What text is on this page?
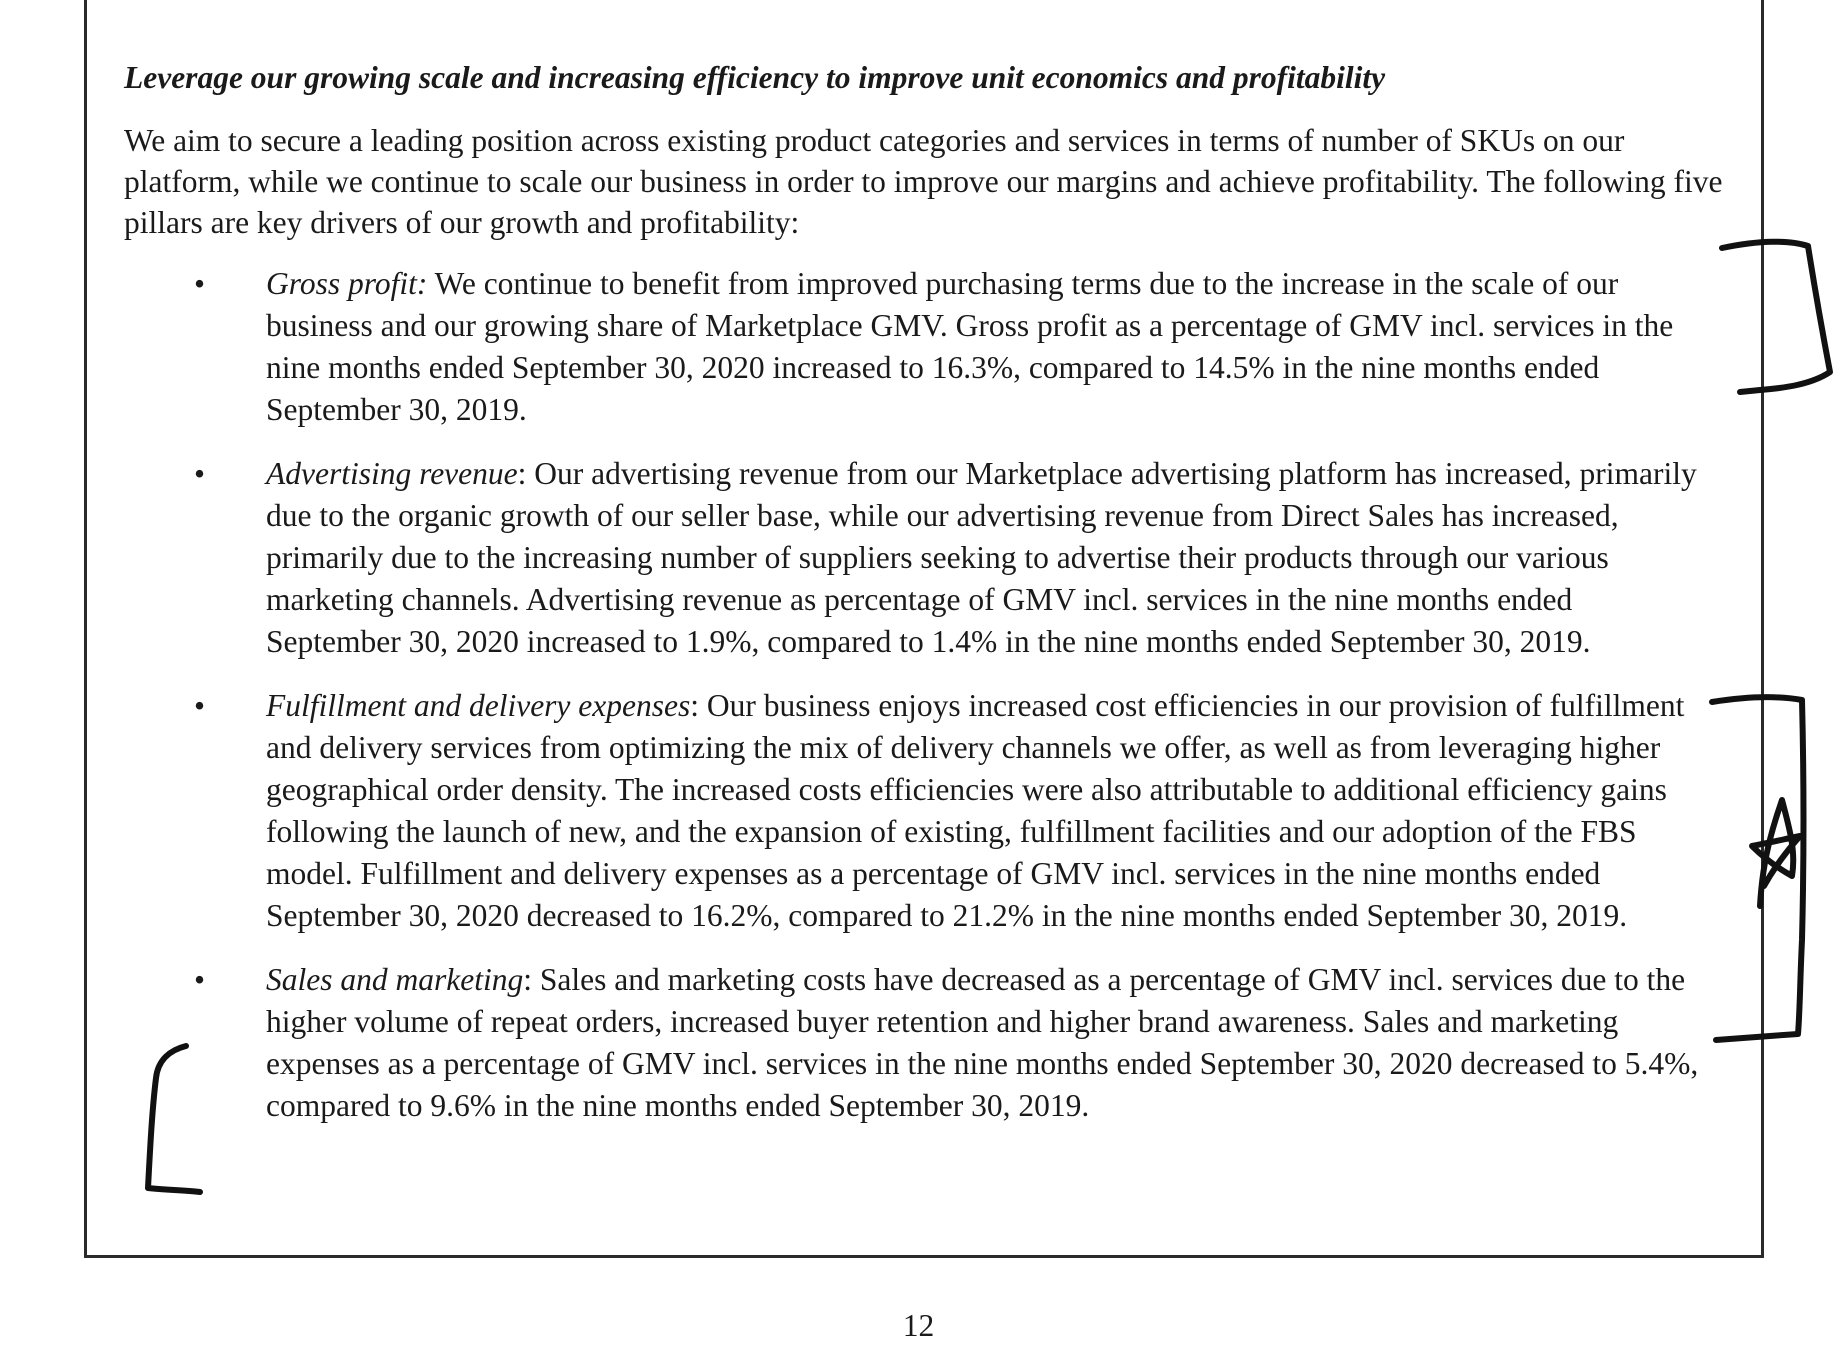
Leverage our growing scale and increasing efficiency to improve unit economics and profitability

We aim to secure a leading position across existing product categories and services in terms of number of SKUs on our platform, while we continue to scale our business in order to improve our margins and achieve profitability. The following five pillars are key drivers of our growth and profitability:

• Gross profit: We continue to benefit from improved purchasing terms due to the increase in the scale of our business and our growing share of Marketplace GMV. Gross profit as a percentage of GMV incl. services in the nine months ended September 30, 2020 increased to 16.3%, compared to 14.5% in the nine months ended September 30, 2019.
• Advertising revenue: Our advertising revenue from our Marketplace advertising platform has increased, primarily due to the organic growth of our seller base, while our advertising revenue from Direct Sales has increased, primarily due to the increasing number of suppliers seeking to advertise their products through our various marketing channels. Advertising revenue as percentage of GMV incl. services in the nine months ended September 30, 2020 increased to 1.9%, compared to 1.4% in the nine months ended September 30, 2019.
• Fulfillment and delivery expenses: Our business enjoys increased cost efficiencies in our provision of fulfillment and delivery services from optimizing the mix of delivery channels we offer, as well as from leveraging higher geographical order density. The increased costs efficiencies were also attributable to additional efficiency gains following the launch of new, and the expansion of existing, fulfillment facilities and our adoption of the FBS model. Fulfillment and delivery expenses as a percentage of GMV incl. services in the nine months ended September 30, 2020 decreased to 16.2%, compared to 21.2% in the nine months ended September 30, 2019.
• Sales and marketing: Sales and marketing costs have decreased as a percentage of GMV incl. services due to the higher volume of repeat orders, increased buyer retention and higher brand awareness. Sales and marketing expenses as a percentage of GMV incl. services in the nine months ended September 30, 2020 decreased to 5.4%, compared to 9.6% in the nine months ended September 30, 2019.
12
